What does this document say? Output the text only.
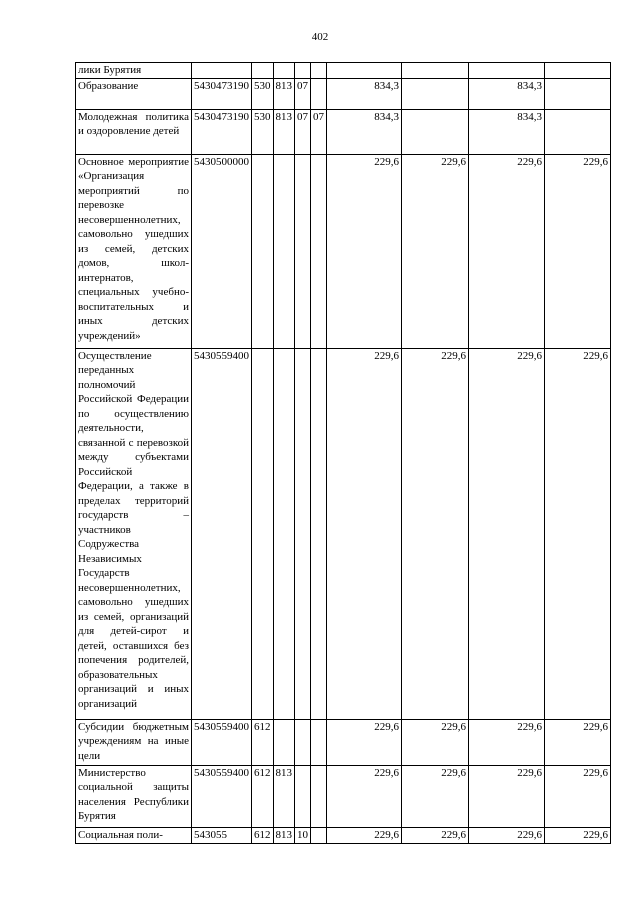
402
лики Бурятия									
Образование	5430473190	530	813	07		834,3		834,3	
Молодежная политика и оздоровление детей	5430473190	530	813	07	07	834,3		834,3	
Основное мероприятие «Организация мероприятий по перевозке несовершеннолетних, самовольно ушедших из семей, детских домов, школ-интернатов, специальных учебно-воспитательных и иных детских учреждений»	5430500000					229,6	229,6	229,6	229,6
Осуществление переданных полномочий Российской Федерации по осуществлению деятельности, связанной с перевозкой между субъектами Российской Федерации, а также в пределах территорий государств – участников Содружества Независимых Государств несовершеннолетних, самовольно ушедших из семей, организаций для детей-сирот и детей, оставшихся без попечения родителей, образовательных организаций и иных организаций	5430559400					229,6	229,6	229,6	229,6
Субсидии бюджетным учреждениям на иные цели	5430559400	612				229,6	229,6	229,6	229,6
Министерство социальной защиты населения Республики Бурятия	5430559400	612	813			229,6	229,6	229,6	229,6
Социальная поли-	543055	612	813	10		229,6	229,6	229,6	229,6
